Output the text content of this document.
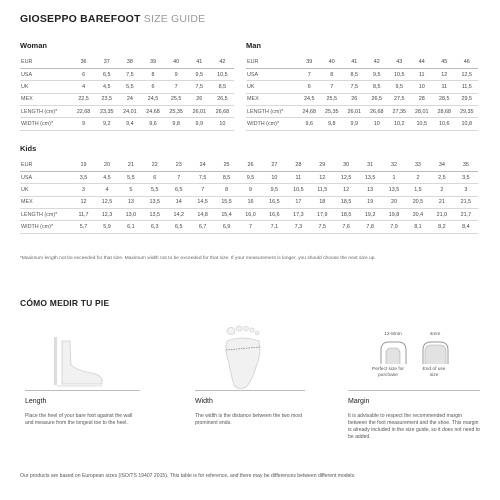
GIOSEPPO BAREFOOT SIZE GUIDE
Woman
EUR	36	37	38	39	40	41	42
USA	6	6,5	7,5	8	9	9,5	10,5
UK	4	4,5	5,5	6	7	7,5	8,5
MEX	22,5	23,5	24	24,5	25,5	26	26,5
LENGTH (cm)*	22,68	23,35	24,01	24,68	25,35	26,01	26,68
WIDTH (cm)*	9	9,2	9,4	9,6	9,8	9,9	10
Man
EUR	39	40	41	42	43	44	45	46
USA	7	8	8,5	9,5	10,5	11	12	12,5
UK	6	7	7,5	8,5	9,5	10	11	11,5
MEX	24,5	25,5	26	26,5	27,5	28	28,5	29,5
LENGTH (cm)*	24,68	25,35	26,01	26,68	27,35	28,01	28,68	29,35
WIDTH (cm)*	9,6	9,8	9,9	10	10,2	10,5	10,6	10,8
Kids
EUR	19	20	21	22	23	24	25	26	27	28	29	30	31	32	33	34	35
USA	3,5	4,5	5,5	6	7	7,5	8,5	9,5	10	11	12	12,5	13,5	1	2	2,5	3,5
UK	3	4	5	5,5	6,5	7	8	9	9,5	10,5	11,5	12	13	13,5	1,5	2	3
MEX	12	12,5	13	13,5	14	14,5	15,5	16	16,5	17	18	18,5	19	20	20,5	21	21,5
LENGTH (cm)*	11,7	12,3	13,0	13,5	14,2	14,8	15,4	16,0	16,6	17,3	17,9	18,5	19,2	19,8	20,4	21,0	21,7
WIDTH (cm)*	5,7	5,9	6,1	6,3	6,5	6,7	6,9	7	7,1	7,3	7,5	7,6	7,8	7,9	8,1	8,2	8,4
*Maximum length not be exceeded for that size. Maximum width not to be exceeded for that size. If your measurement is longer, you should choose the next size up.
CÓMO MEDIR TU PIE
12-8mm	4mm
Perfect size for purchase
End of use size
Length
Place the heel of your bare foot against the wall and measure from the longest toe to the heel.
Width
The width is the distance between the two most prominent ends.
Margin
It is advisable to respect the recommended margin between the foot measurement and the shoe. This margin is already included in the size guide, so it does not need to be added.
Our products are based on European sizes (ISO/TS 19407 2015). This table is for reference, and there may be differences between different models.
